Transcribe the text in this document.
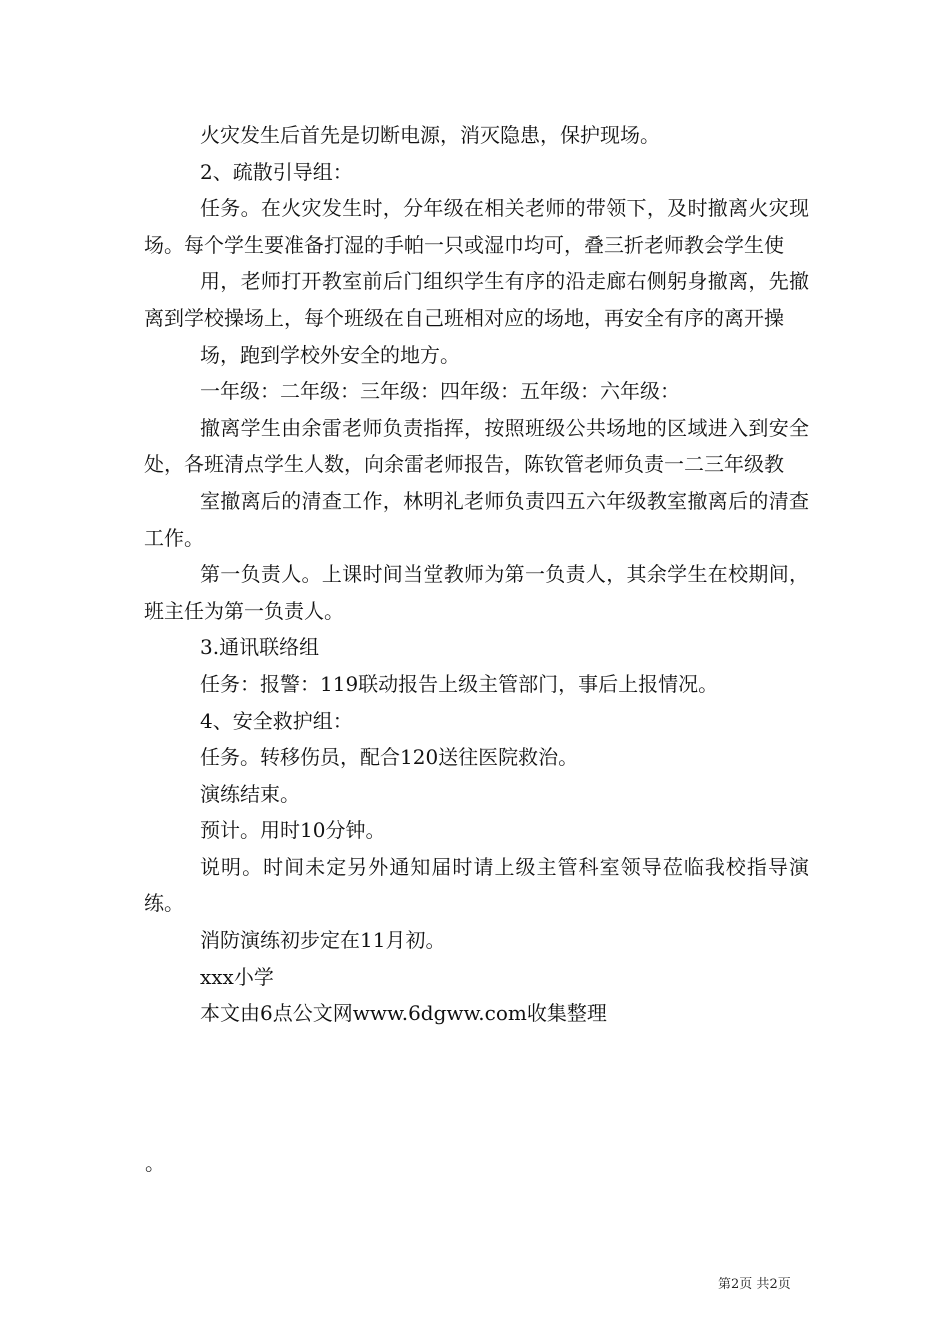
火灾发生后首先是切断电源，消灭隐患，保护现场。

2、疏散引导组：

任务。在火灾发生时，分年级在相关老师的带领下，及时撤离火灾现场。每个学生要准备打湿的手帕一只或湿巾均可，叠三折老师教会学生使

用，老师打开教室前后门组织学生有序的沿走廊右侧躬身撤离，先撤离到学校操场上，每个班级在自己班相对应的场地，再安全有序的离开操

场，跑到学校外安全的地方。

一年级：二年级：三年级：四年级：五年级：六年级：

撤离学生由余雷老师负责指挥，按照班级公共场地的区域进入到安全处，各班清点学生人数，向余雷老师报告，陈钦管老师负责一二三年级教

室撤离后的清查工作，林明礼老师负责四五六年级教室撤离后的清查工作。

第一负责人。上课时间当堂教师为第一负责人，其余学生在校期间，班主任为第一负责人。

3.通讯联络组

任务：报警：119联动报告上级主管部门，事后上报情况。

4、安全救护组：

任务。转移伤员，配合120送往医院救治。

演练结束。

预计。用时10分钟。

说明。时间未定另外通知届时请上级主管科室领导莅临我校指导演练。

消防演练初步定在11月初。

xxx小学

本文由6点公文网www.6dgww.com收集整理

。
第2页 共2页
